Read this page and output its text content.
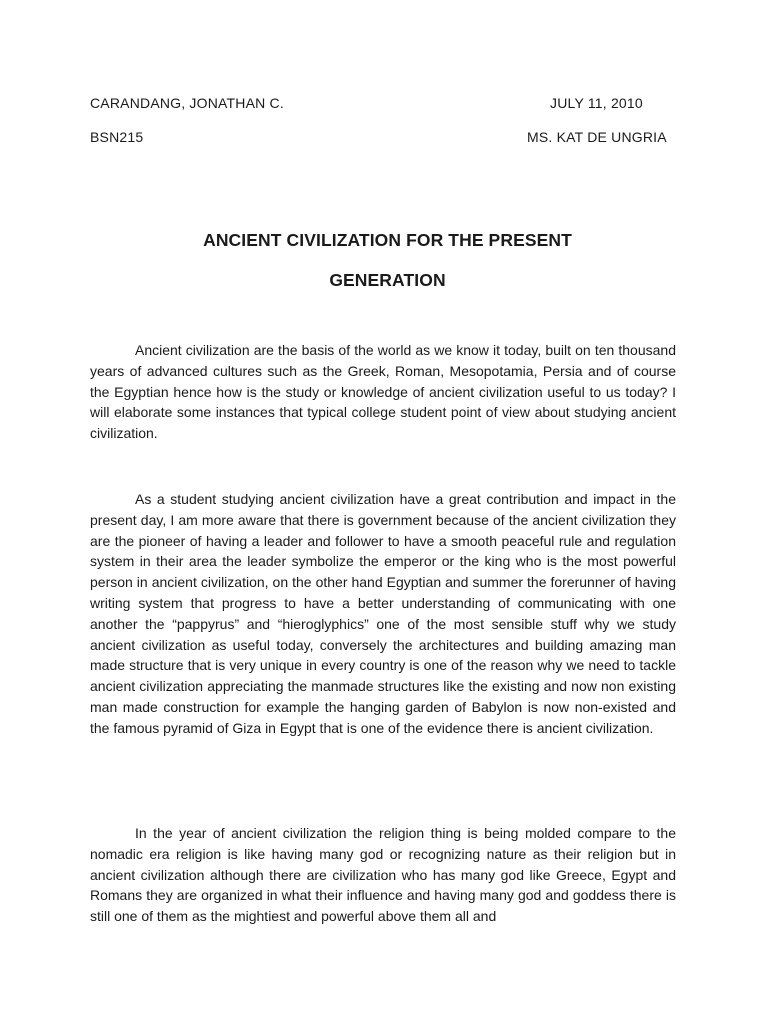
CARANDANG, JONATHAN C.	JULY 11, 2010
BSN215	MS. KAT DE UNGRIA
ANCIENT CIVILIZATION FOR THE PRESENT
GENERATION

Ancient civilization are the basis of the world as we know it today, built on ten thousand years of advanced cultures such as the Greek, Roman, Mesopotamia, Persia and of course the Egyptian hence how is the study or knowledge of ancient civilization useful to us today? I will elaborate some instances that typical college student point of view about studying ancient civilization.

As a student studying ancient civilization have a great contribution and impact in the present day, I am more aware that there is government because of the ancient civilization they are the pioneer of having a leader and follower to have a smooth peaceful rule and regulation system in their area the leader symbolize the emperor or the king who is the most powerful person in ancient civilization, on the other hand Egyptian and summer the forerunner of having writing system that progress to have a better understanding of communicating with one another the “pappyrus” and “hieroglyphics” one of the most sensible stuff why we study ancient civilization as useful today, conversely the architectures and building amazing man made structure that is very unique in every country is one of the reason why we need to tackle ancient civilization appreciating the manmade structures like the existing and now non existing man made construction for example the hanging garden of Babylon is now non-existed and the famous pyramid of Giza in Egypt that is one of the evidence there is ancient civilization.

In the year of ancient civilization the religion thing is being molded compare to the nomadic era religion is like having many god or recognizing nature as their religion but in ancient civilization although there are civilization who has many god like Greece, Egypt and Romans they are organized in what their influence and having many god and goddess there is still one of them as the mightiest and powerful above them all and
